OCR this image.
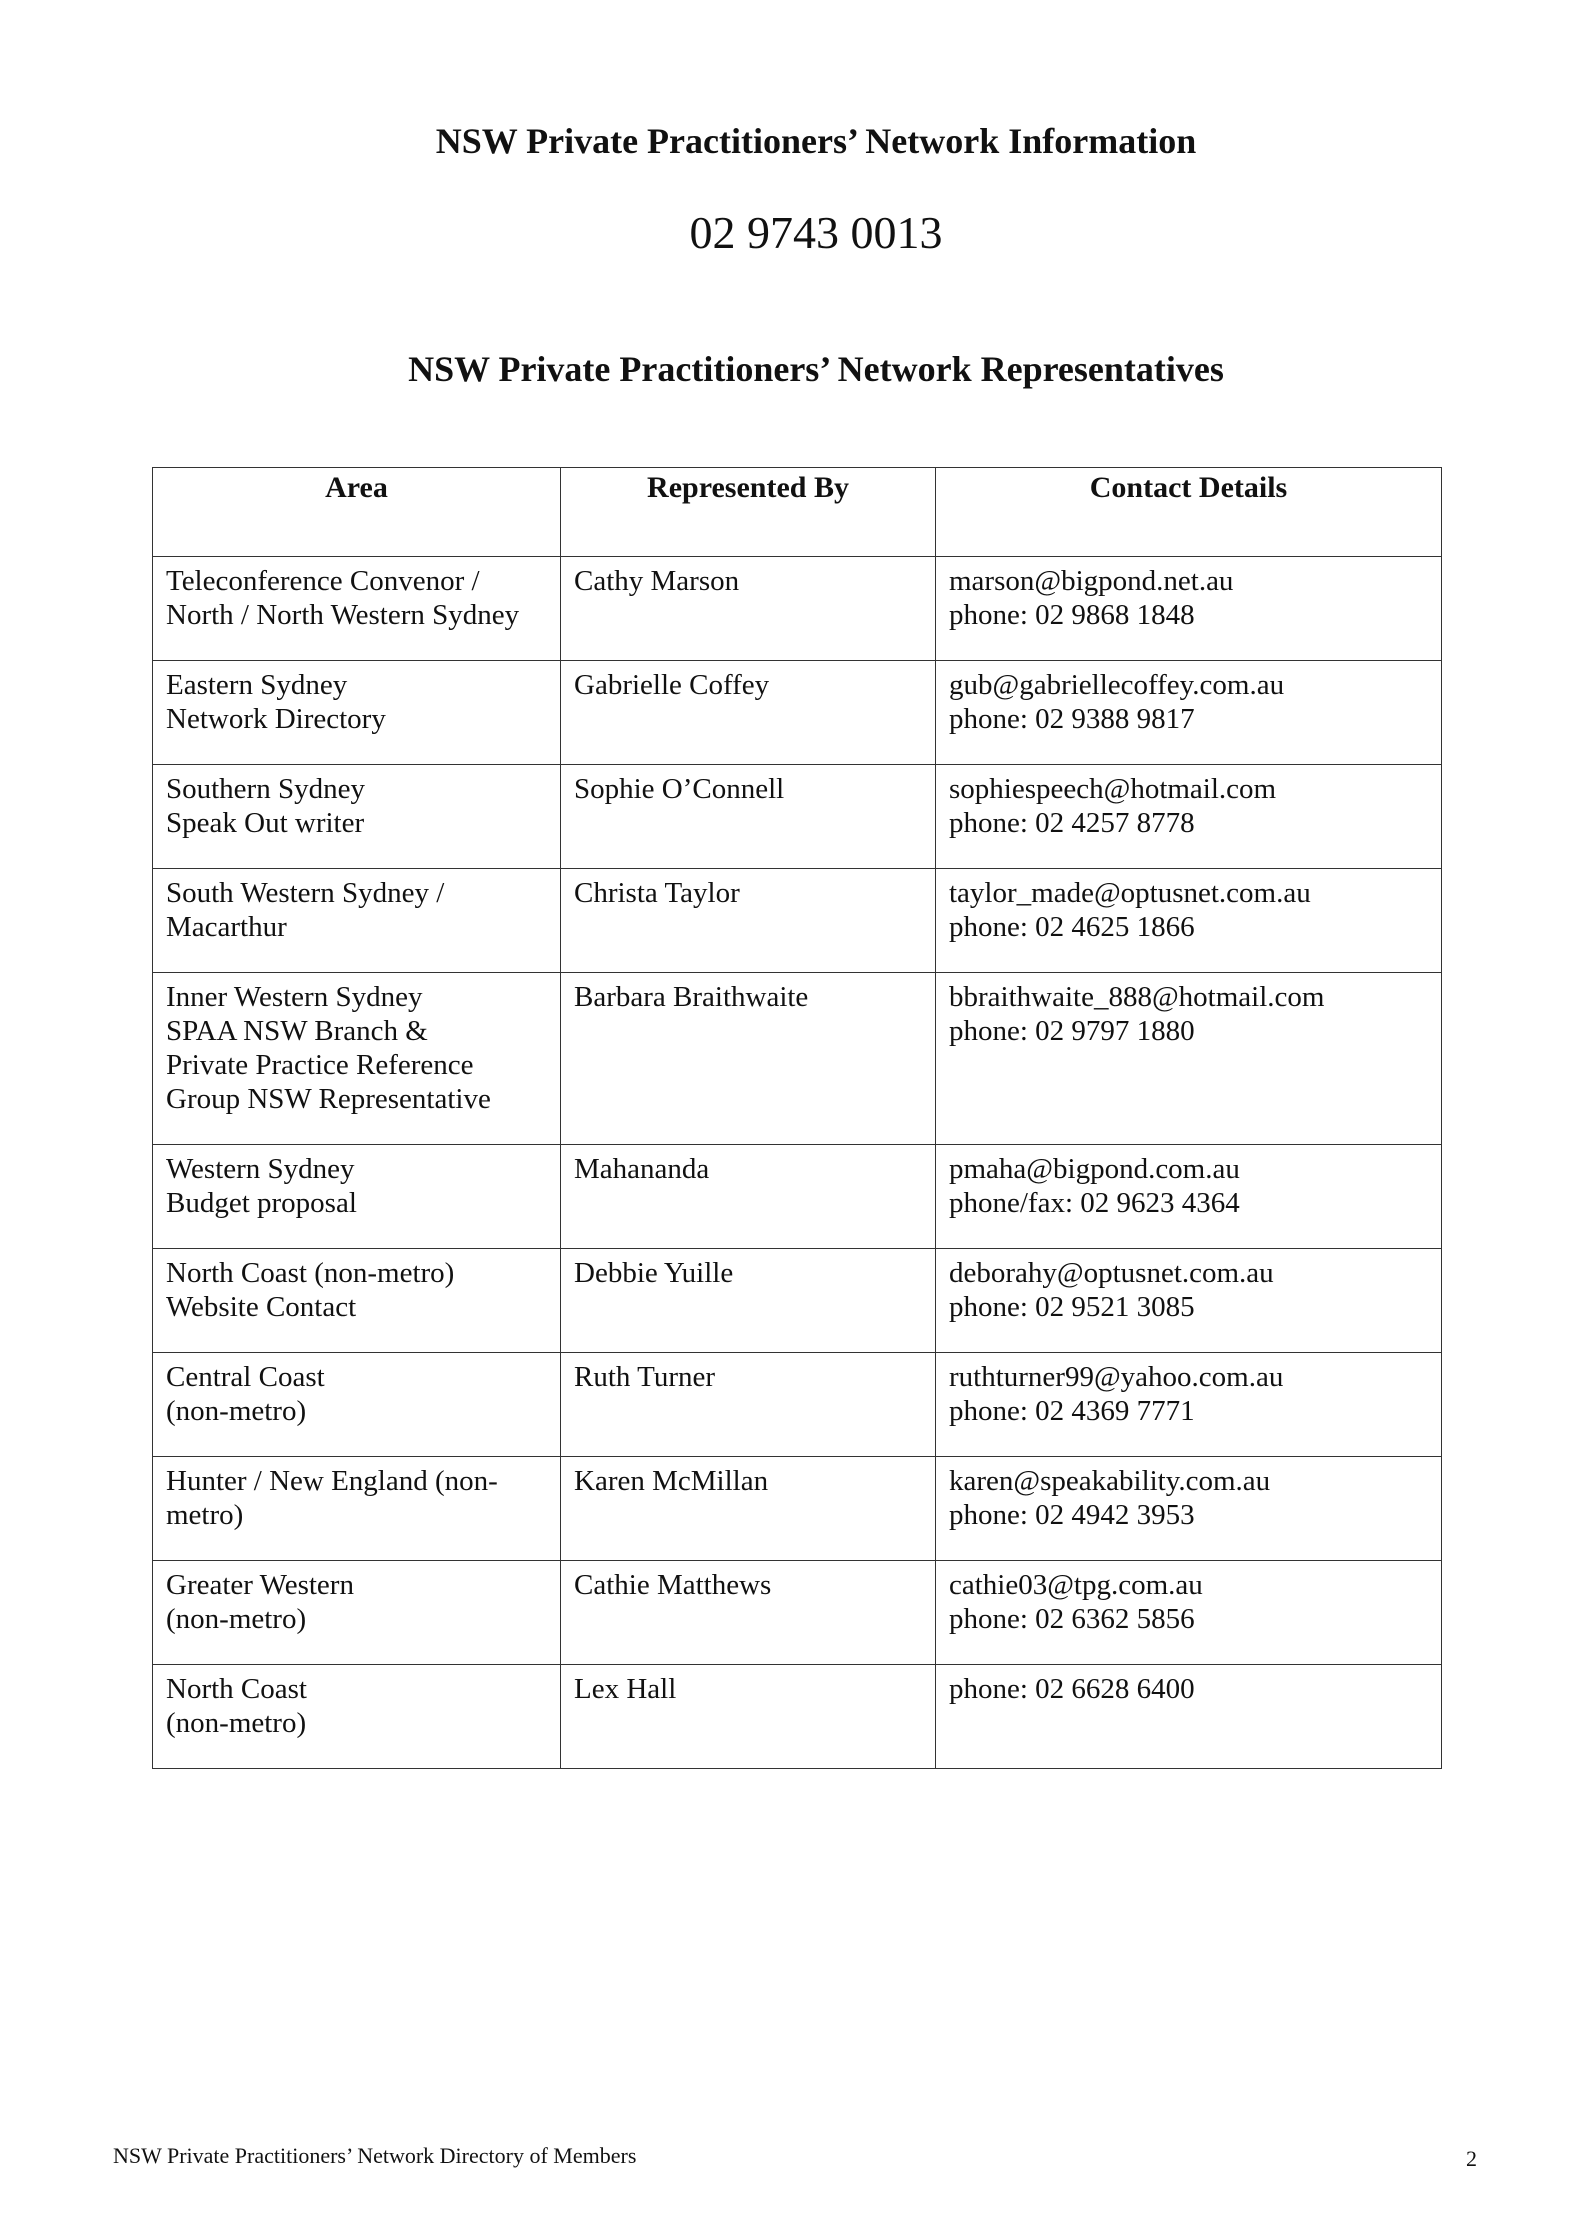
NSW Private Practitioners’ Network Information
02 9743 0013
NSW Private Practitioners’ Network Representatives
Area	Represented By	Contact Details

Teleconference Convenor /
North / North Western Sydney	Cathy Marson	marson@bigpond.net.au
phone: 02 9868 1848

Eastern Sydney
Network Directory	Gabrielle Coffey	gub@gabriellecoffey.com.au
phone: 02 9388 9817

Southern Sydney
Speak Out writer	Sophie O’Connell	sophiespeech@hotmail.com
phone: 02 4257 8778

South Western Sydney /
Macarthur	Christa Taylor	taylor_made@optusnet.com.au
phone: 02 4625 1866

Inner Western Sydney
SPAA NSW Branch &
Private Practice Reference
Group NSW Representative	Barbara Braithwaite	bbraithwaite_888@hotmail.com
phone: 02 9797 1880

Western Sydney
Budget proposal	Mahananda	pmaha@bigpond.com.au
phone/fax: 02 9623 4364

North Coast (non-metro)
Website Contact	Debbie Yuille	deborahy@optusnet.com.au
phone: 02 9521 3085

Central Coast
(non-metro)	Ruth Turner	ruthturner99@yahoo.com.au
phone: 02 4369 7771

Hunter / New England (non-
metro)	Karen McMillan	karen@speakability.com.au
phone: 02 4942 3953

Greater Western
(non-metro)	Cathie Matthews	cathie03@tpg.com.au
phone: 02 6362 5856

North Coast
(non-metro)	Lex Hall	phone: 02 6628 6400
NSW Private Practitioners’ Network Directory of Members	2
